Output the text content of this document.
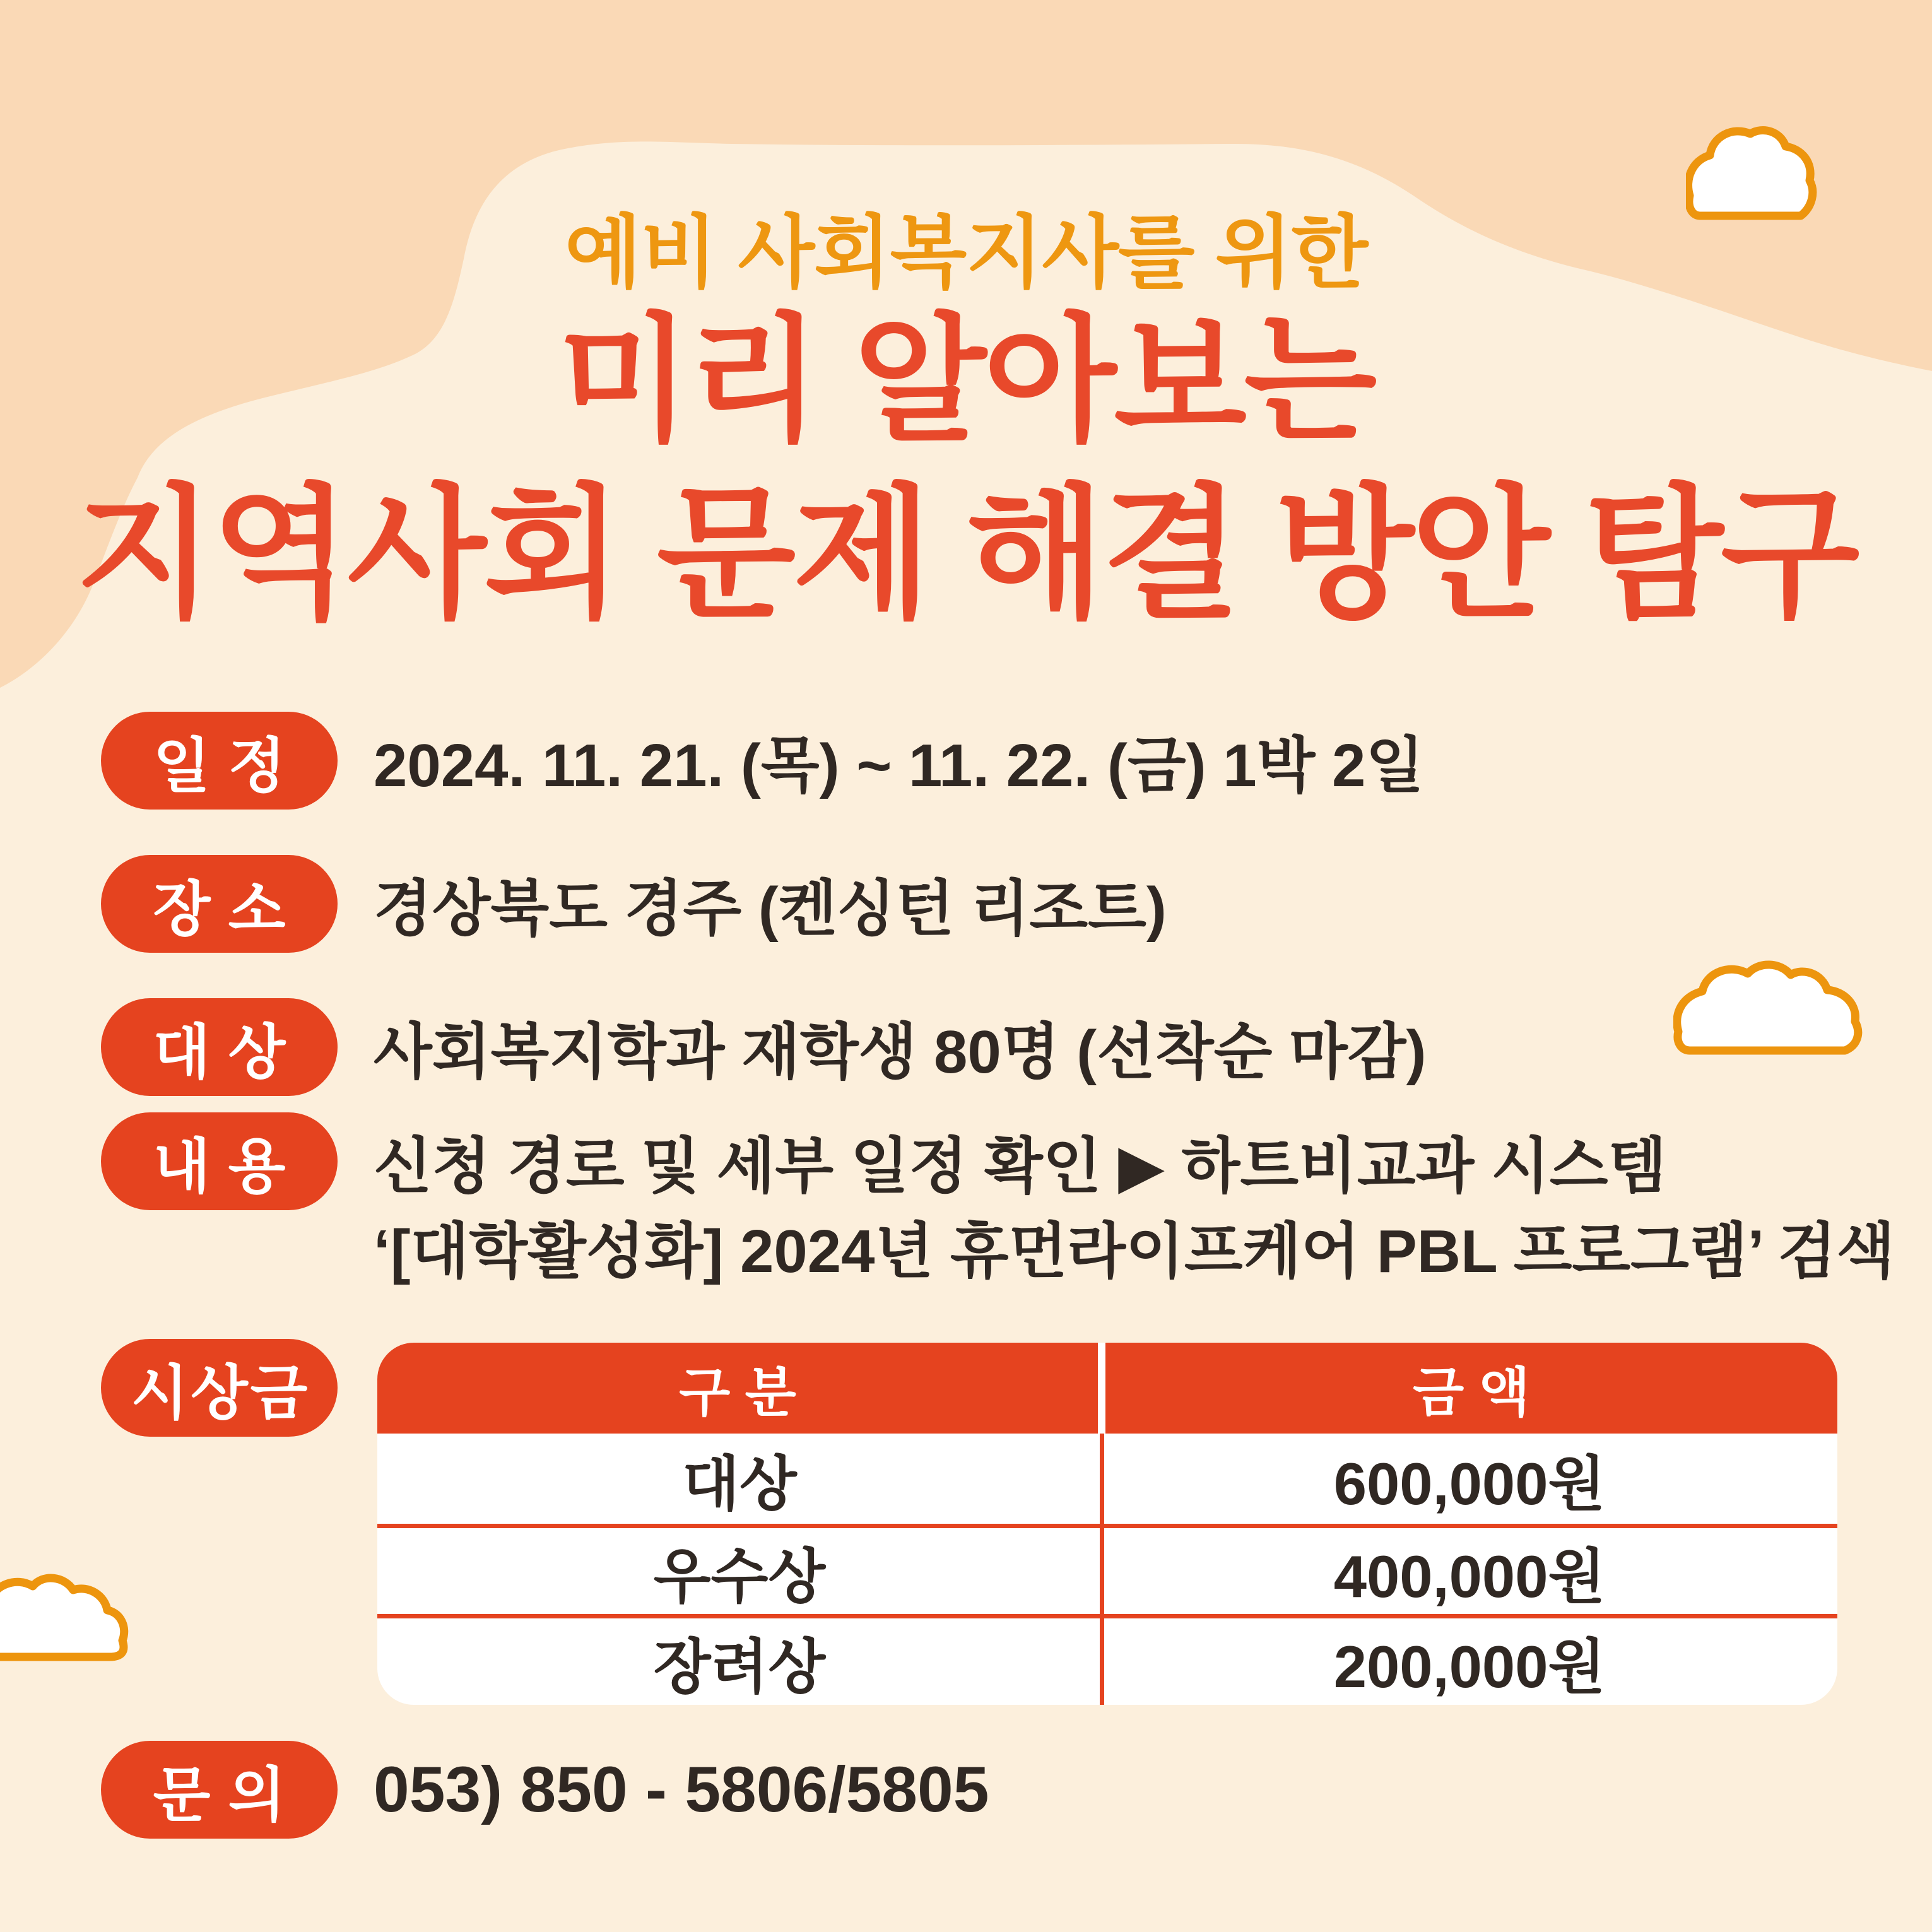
예비 사회복지사를 위한
미리 알아보는
지역사회 문제 해결 방안 탐구
일정	2024. 11. 21. (목) ~ 11. 22. (금) 1박 2일
장소	경상북도 경주 (켄싱턴 리조트)
대상	사회복지학과 재학생 80명 (선착순 마감)
내용	신청 경로 및 세부 일정 확인 ▶ 하트비교과 시스템
‘[대학활성화] 2024년 휴먼라이프케어 PBL 프로그램’ 검색
시상금	구 분	금 액
대상	600,000원
우수상	400,000원
장려상	200,000원
문의	053) 850 - 5806/5805
